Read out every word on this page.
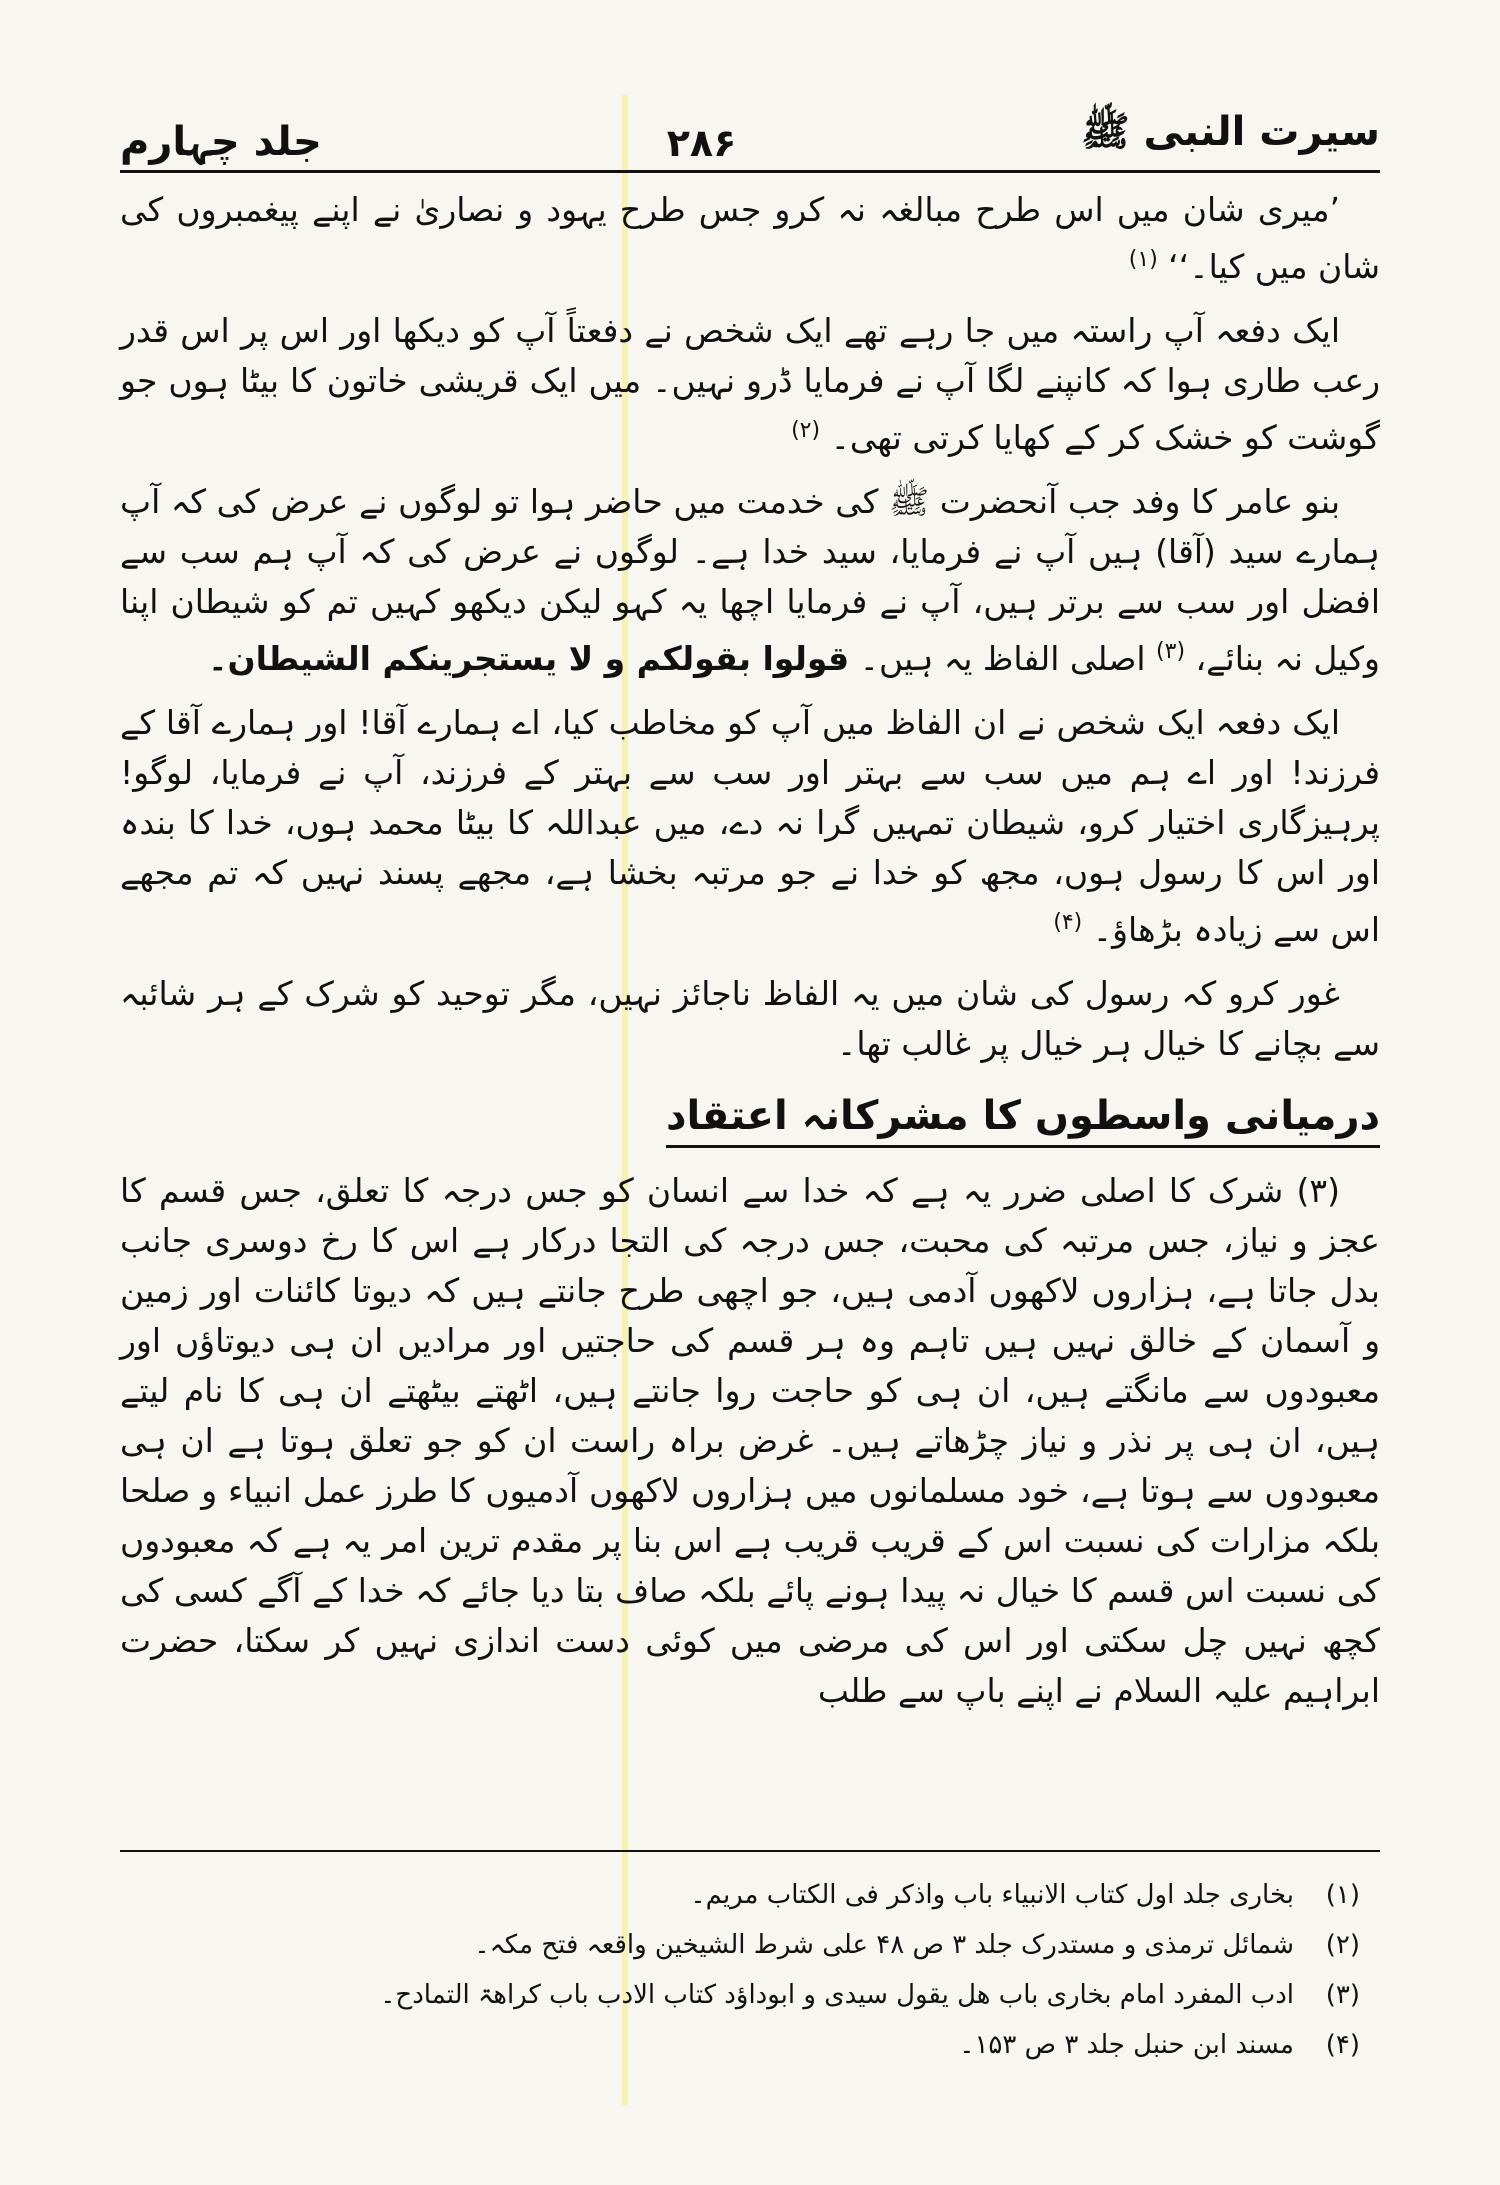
سیرت النبی ﷺ
۲۸۶
جلد چہارم

’میری شان میں اس طرح مبالغہ نہ کرو جس طرح یہود و نصاریٰ نے اپنے پیغمبروں کی شان میں کیا۔‘‘ $^{(۱)}$

ایک دفعہ آپ راستہ میں جا رہے تھے ایک شخص نے دفعتاً آپ کو دیکھا اور اس پر اس قدر رعب طاری ہوا کہ کانپنے لگا آپ نے فرمایا ڈرو نہیں۔ میں ایک قریشی خاتون کا بیٹا ہوں جو گوشت کو خشک کر کے کھایا کرتی تھی۔ $^{(۲)}$

بنو عامر کا وفد جب آنحضرت ﷺ کی خدمت میں حاضر ہوا تو لوگوں نے عرض کی کہ آپ ہمارے سید (آقا) ہیں آپ نے فرمایا، سید خدا ہے۔ لوگوں نے عرض کی کہ آپ ہم سب سے افضل اور سب سے برتر ہیں، آپ نے فرمایا اچھا یہ کہو لیکن دیکھو کہیں تم کو شیطان اپنا وکیل نہ بنائے، $^{(۳)}$ اصلی الفاظ یہ ہیں۔ قولوا بقولکم و لا یستجرینکم الشیطان۔

ایک دفعہ ایک شخص نے ان الفاظ میں آپ کو مخاطب کیا، اے ہمارے آقا! اور ہمارے آقا کے فرزند! اور اے ہم میں سب سے بہتر اور سب سے بہتر کے فرزند، آپ نے فرمایا، لوگو! پرہیزگاری اختیار کرو، شیطان تمہیں گرا نہ دے، میں عبداللہ کا بیٹا محمد ہوں، خدا کا بندہ اور اس کا رسول ہوں، مجھ کو خدا نے جو مرتبہ بخشا ہے، مجھے پسند نہیں کہ تم مجھے اس سے زیادہ بڑھاؤ۔ $^{(۴)}$

غور کرو کہ رسول کی شان میں یہ الفاظ ناجائز نہیں، مگر توحید کو شرک کے ہر شائبہ سے بچانے کا خیال ہر خیال پر غالب تھا۔

درمیانی واسطوں کا مشرکانہ اعتقاد

(۳) شرک کا اصلی ضرر یہ ہے کہ خدا سے انسان کو جس درجہ کا تعلق، جس قسم کا عجز و نیاز، جس مرتبہ کی محبت، جس درجہ کی التجا درکار ہے اس کا رخ دوسری جانب بدل جاتا ہے، ہزاروں لاکھوں آدمی ہیں، جو اچھی طرح جانتے ہیں کہ دیوتا کائنات اور زمین و آسمان کے خالق نہیں ہیں تاہم وہ ہر قسم کی حاجتیں اور مرادیں ان ہی دیوتاؤں اور معبودوں سے مانگتے ہیں، ان ہی کو حاجت روا جانتے ہیں، اٹھتے بیٹھتے ان ہی کا نام لیتے ہیں، ان ہی پر نذر و نیاز چڑھاتے ہیں۔ غرض براہ راست ان کو جو تعلق ہوتا ہے ان ہی معبودوں سے ہوتا ہے، خود مسلمانوں میں ہزاروں لاکھوں آدمیوں کا طرز عمل انبیاء و صلحا بلکہ مزارات کی نسبت اس کے قریب قریب ہے اس بنا پر مقدم ترین امر یہ ہے کہ معبودوں کی نسبت اس قسم کا خیال نہ پیدا ہونے پائے بلکہ صاف بتا دیا جائے کہ خدا کے آگے کسی کی کچھ نہیں چل سکتی اور اس کی مرضی میں کوئی دست اندازی نہیں کر سکتا، حضرت ابراہیم علیہ السلام نے اپنے باپ سے طلب

(۱)
بخاری جلد اول کتاب الانبیاء باب واذکر فی الکتاب مریم۔
(۲)
شمائل ترمذی و مستدرک جلد ۳ ص ۴۸ علی شرط الشیخین واقعہ فتح مکہ۔
(۳)
ادب المفرد امام بخاری باب ھل یقول سیدی و ابوداؤد کتاب الادب باب کراھۃ التمادح۔
(۴)
مسند ابن حنبل جلد ۳ ص ۱۵۳۔
